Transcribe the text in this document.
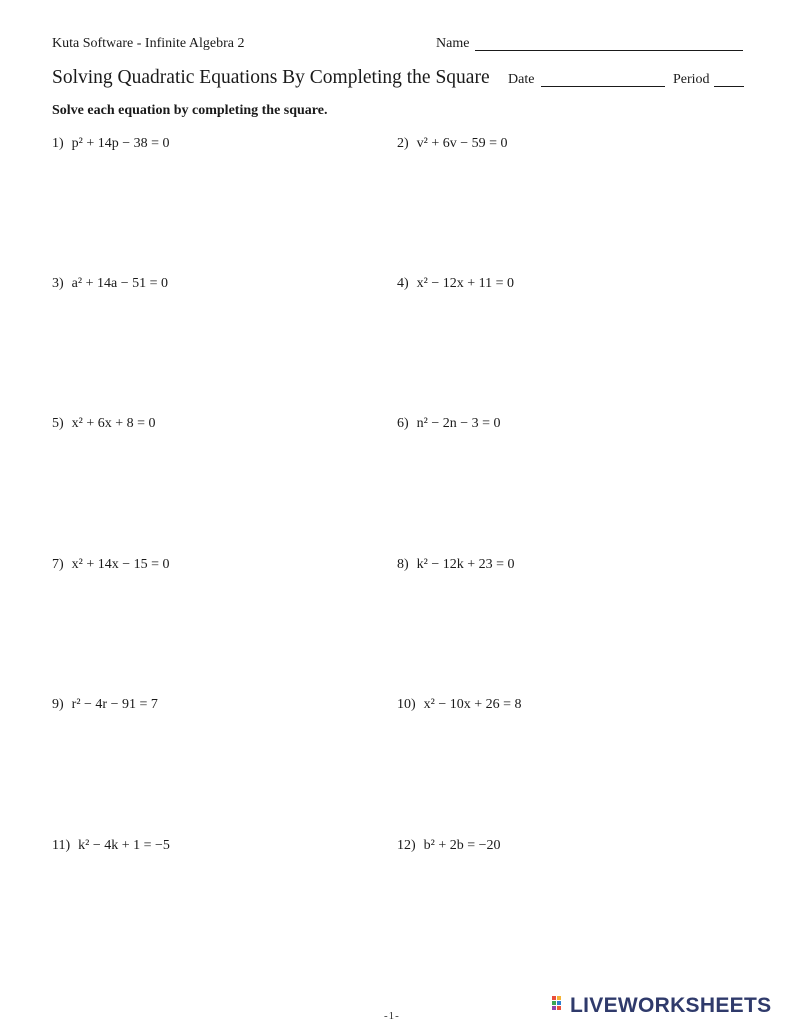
Kuta Software - Infinite Algebra 2	Name
Solving Quadratic Equations By Completing the Square Date	Period
Solve each equation by completing the square.
1) p² + 14p − 38 = 0	2) v² + 6v − 59 = 0
3) a² + 14a − 51 = 0	4) x² − 12x + 11 = 0
5) x² + 6x + 8 = 0	6) n² − 2n − 3 = 0
7) x² + 14x − 15 = 0	8) k² − 12k + 23 = 0
9) r² − 4r − 91 = 7	10) x² − 10x + 26 = 8
11) k² − 4k + 1 = −5	12) b² + 2b = −20
-1-	LIVEWORKSHEETS
